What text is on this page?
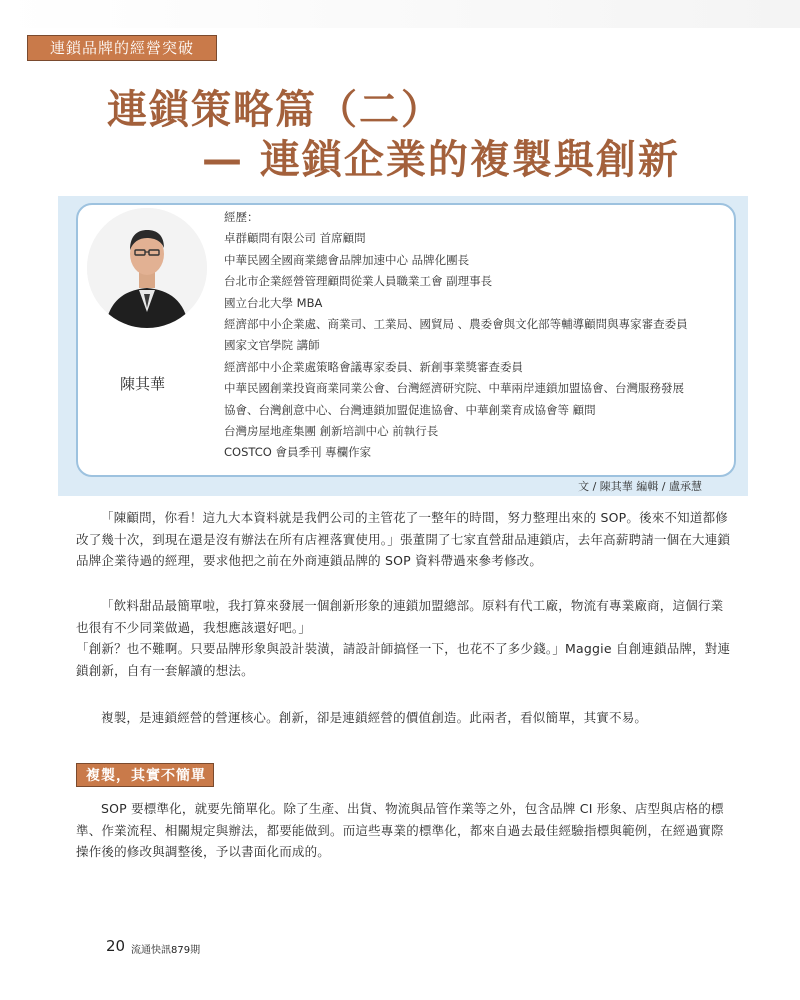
連鎖品牌的經營突破
連鎖策略篇（二）
— 連鎖企業的複製與創新
陳其華
經歷：
卓群顧問有限公司 首席顧問
中華民國全國商業總會品牌加速中心 品牌化團長
台北市企業經營管理顧問從業人員職業工會 副理事長
國立台北大學 MBA
經濟部中小企業處、商業司、工業局、國貿局 、農委會與文化部等輔導顧問與專家審查委員
國家文官學院 講師
經濟部中小企業處策略會議專家委員、新創事業獎審查委員
中華民國創業投資商業同業公會、台灣經濟研究院、中華兩岸連鎖加盟協會、台灣服務發展
協會、台灣創意中心、台灣連鎖加盟促進協會、中華創業育成協會等 顧問
台灣房屋地產集團 創新培訓中心 前執行長
COSTCO 會員季刊 專欄作家
文 / 陳其華 編輯 / 盧承慧

「陳顧問，你看！這九大本資料就是我們公司的主管花了一整年的時間，努力整理出來的 SOP。後來不知道都修改了幾十次，到現在還是沒有辦法在所有店裡落實使用。」張董開了七家直營甜品連鎖店，去年高薪聘請一個在大連鎖品牌企業待過的經理，要求他把之前在外商連鎖品牌的 SOP 資料帶過來參考修改。

「飲料甜品最簡單啦，我打算來發展一個創新形象的連鎖加盟總部。原料有代工廠，物流有專業廠商，這個行業也很有不少同業做過，我想應該還好吧。」

「創新？也不難啊。只要品牌形象與設計裝潢，請設計師搞怪一下，也花不了多少錢。」Maggie 自創連鎖品牌，對連鎖創新，自有一套解讀的想法。

複製，是連鎖經營的營運核心。創新，卻是連鎖經營的價值創造。此兩者，看似簡單，其實不易。

複製，其實不簡單

SOP 要標準化，就要先簡單化。除了生產、出貨、物流與品管作業等之外，包含品牌 CI 形象、店型與店格的標準、作業流程、相關規定與辦法，都要能做到。而這些專業的標準化，都來自過去最佳經驗指標與範例，在經過實際操作後的修改與調整後，予以書面化而成的。

20 流通快訊879期
